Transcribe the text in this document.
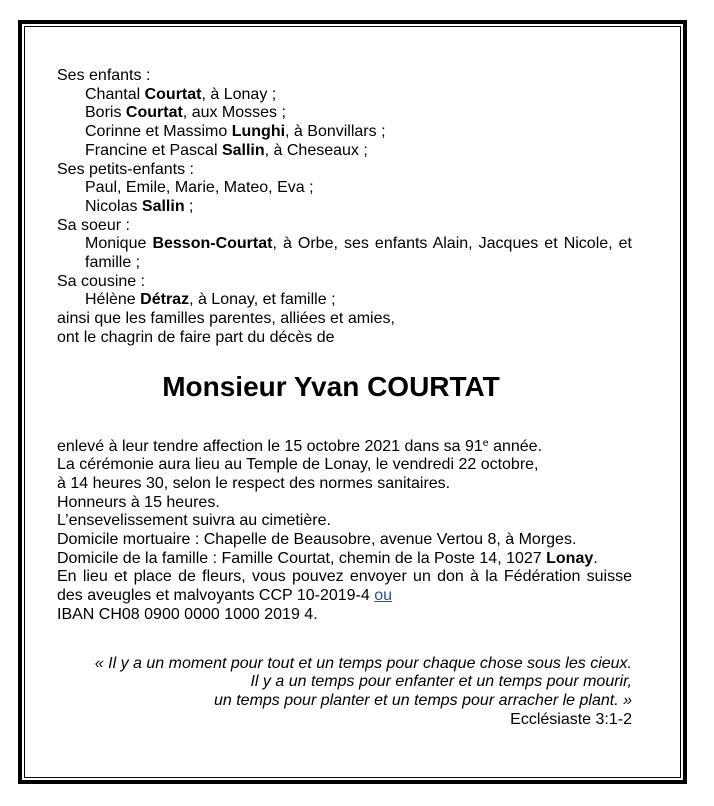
Ses enfants :
Chantal Courtat, à Lonay ;
Boris Courtat, aux Mosses ;
Corinne et Massimo Lunghi, à Bonvillars ;
Francine et Pascal Sallin, à Cheseaux ;
Ses petits-enfants :
Paul, Emile, Marie, Mateo, Eva ;
Nicolas Sallin ;
Sa soeur :
Monique Besson-Courtat, à Orbe, ses enfants Alain, Jacques et Nicole, et
famille ;
Sa cousine :
Hélène Détraz, à Lonay, et famille ;
ainsi que les familles parentes, alliées et amies,
ont le chagrin de faire part du décès de
Monsieur Yvan COURTAT
enlevé à leur tendre affection le 15 octobre 2021 dans sa 91e année.
La cérémonie aura lieu au Temple de Lonay, le vendredi 22 octobre,
à 14 heures 30, selon le respect des normes sanitaires.
Honneurs à 15 heures.
L’ensevelissement suivra au cimetière.
Domicile mortuaire : Chapelle de Beausobre, avenue Vertou 8, à Morges.
Domicile de la famille : Famille Courtat, chemin de la Poste 14, 1027 Lonay.
En lieu et place de fleurs, vous pouvez envoyer un don à la Fédération suisse
des aveugles et malvoyants CCP 10-2019-4 ou
IBAN CH08 0900 0000 1000 2019 4.
« Il y a un moment pour tout et un temps pour chaque chose sous les cieux.
Il y a un temps pour enfanter et un temps pour mourir,
un temps pour planter et un temps pour arracher le plant. »
Ecclésiaste 3:1-2
